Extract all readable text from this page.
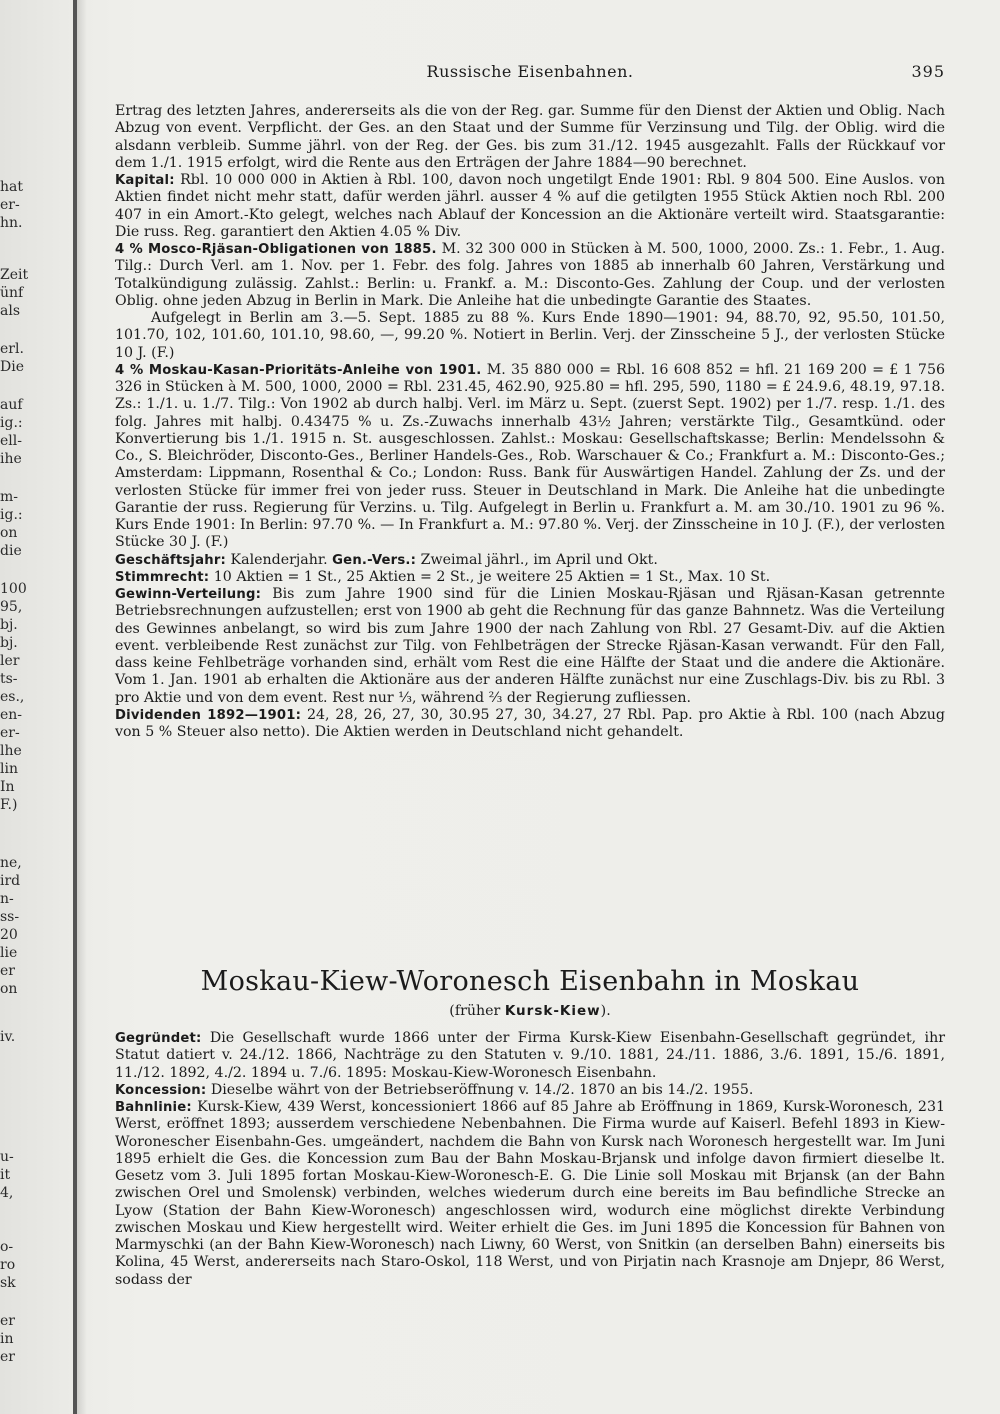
hat
er-
hn.
Zeit
ünf
als
erl.
Die
auf
ig.:
ell-
ihe
m-
ig.:
on
die
100
95,
bj.
bj.
ler
ts-
es.,
en-
er-
lhe
lin
In
F.)
ne,
ird
n-
ss-
20
lie
er
on
iv.
u-
it
4,
o-
ro
sk
er
in
er
Russische Eisenbahnen.	395

Ertrag des letzten Jahres, andererseits als die von der Reg. gar. Summe für den Dienst der Aktien und Oblig. Nach Abzug von event. Verpflicht. der Ges. an den Staat und der Summe für Verzinsung und Tilg. der Oblig. wird die alsdann verbleib. Summe jährl. von der Reg. der Ges. bis zum 31./12. 1945 ausgezahlt. Falls der Rückkauf vor dem 1./1. 1915 erfolgt, wird die Rente aus den Erträgen der Jahre 1884—90 berechnet.

Kapital: Rbl. 10 000 000 in Aktien à Rbl. 100, davon noch ungetilgt Ende 1901: Rbl. 9 804 500. Eine Auslos. von Aktien findet nicht mehr statt, dafür werden jährl. ausser 4 % auf die getilgten 1955 Stück Aktien noch Rbl. 200 407 in ein Amort.-Kto gelegt, welches nach Ablauf der Koncession an die Aktionäre verteilt wird. Staatsgarantie: Die russ. Reg. garantiert den Aktien 4.05 % Div.

4 % Mosco-Rjäsan-Obligationen von 1885. M. 32 300 000 in Stücken à M. 500, 1000, 2000. Zs.: 1. Febr., 1. Aug. Tilg.: Durch Verl. am 1. Nov. per 1. Febr. des folg. Jahres von 1885 ab innerhalb 60 Jahren, Verstärkung und Totalkündigung zulässig. Zahlst.: Berlin: u. Frankf. a. M.: Disconto-Ges. Zahlung der Coup. und der verlosten Oblig. ohne jeden Abzug in Berlin in Mark. Die Anleihe hat die unbedingte Garantie des Staates.

Aufgelegt in Berlin am 3.—5. Sept. 1885 zu 88 %. Kurs Ende 1890—1901: 94, 88.70, 92, 95.50, 101.50, 101.70, 102, 101.60, 101.10, 98.60, —, 99.20 %. Notiert in Berlin. Verj. der Zinsscheine 5 J., der verlosten Stücke 10 J. (F.)

4 % Moskau-Kasan-Prioritäts-Anleihe von 1901. M. 35 880 000 = Rbl. 16 608 852 = hfl. 21 169 200 = £ 1 756 326 in Stücken à M. 500, 1000, 2000 = Rbl. 231.45, 462.90, 925.80 = hfl. 295, 590, 1180 = £ 24.9.6, 48.19, 97.18. Zs.: 1./1. u. 1./7. Tilg.: Von 1902 ab durch halbj. Verl. im März u. Sept. (zuerst Sept. 1902) per 1./7. resp. 1./1. des folg. Jahres mit halbj. 0.43475 % u. Zs.-Zuwachs innerhalb 43½ Jahren; verstärkte Tilg., Gesamtkünd. oder Konvertierung bis 1./1. 1915 n. St. ausgeschlossen. Zahlst.: Moskau: Gesellschaftskasse; Berlin: Mendelssohn & Co., S. Bleichröder, Disconto-Ges., Berliner Handels-Ges., Rob. Warschauer & Co.; Frankfurt a. M.: Disconto-Ges.; Amsterdam: Lippmann, Rosenthal & Co.; London: Russ. Bank für Auswärtigen Handel. Zahlung der Zs. und der verlosten Stücke für immer frei von jeder russ. Steuer in Deutschland in Mark. Die Anleihe hat die unbedingte Garantie der russ. Regierung für Verzins. u. Tilg. Aufgelegt in Berlin u. Frankfurt a. M. am 30./10. 1901 zu 96 %. Kurs Ende 1901: In Berlin: 97.70 %. — In Frankfurt a. M.: 97.80 %. Verj. der Zinsscheine in 10 J. (F.), der verlosten Stücke 30 J. (F.)

Geschäftsjahr: Kalenderjahr. Gen.-Vers.: Zweimal jährl., im April und Okt.

Stimmrecht: 10 Aktien = 1 St., 25 Aktien = 2 St., je weitere 25 Aktien = 1 St., Max. 10 St.

Gewinn-Verteilung: Bis zum Jahre 1900 sind für die Linien Moskau-Rjäsan und Rjäsan-Kasan getrennte Betriebsrechnungen aufzustellen; erst von 1900 ab geht die Rechnung für das ganze Bahnnetz. Was die Verteilung des Gewinnes anbelangt, so wird bis zum Jahre 1900 der nach Zahlung von Rbl. 27 Gesamt-Div. auf die Aktien event. verbleibende Rest zunächst zur Tilg. von Fehlbeträgen der Strecke Rjäsan-Kasan verwandt. Für den Fall, dass keine Fehlbeträge vorhanden sind, erhält vom Rest die eine Hälfte der Staat und die andere die Aktionäre. Vom 1. Jan. 1901 ab erhalten die Aktionäre aus der anderen Hälfte zunächst nur eine Zuschlags-Div. bis zu Rbl. 3 pro Aktie und von dem event. Rest nur ⅓, während ⅔ der Regierung zufliessen.

Dividenden 1892—1901: 24, 28, 26, 27, 30, 30.95 27, 30, 34.27, 27 Rbl. Pap. pro Aktie à Rbl. 100 (nach Abzug von 5 % Steuer also netto). Die Aktien werden in Deutschland nicht gehandelt.

Moskau-Kiew-Woronesch Eisenbahn in Moskau
(früher Kursk-Kiew).

Gegründet: Die Gesellschaft wurde 1866 unter der Firma Kursk-Kiew Eisenbahn-Gesellschaft gegründet, ihr Statut datiert v. 24./12. 1866, Nachträge zu den Statuten v. 9./10. 1881, 24./11. 1886, 3./6. 1891, 15./6. 1891, 11./12. 1892, 4./2. 1894 u. 7./6. 1895: Moskau-Kiew-Woronesch Eisenbahn.

Koncession: Dieselbe währt von der Betriebseröffnung v. 14./2. 1870 an bis 14./2. 1955.

Bahnlinie: Kursk-Kiew, 439 Werst, koncessioniert 1866 auf 85 Jahre ab Eröffnung in 1869, Kursk-Woronesch, 231 Werst, eröffnet 1893; ausserdem verschiedene Nebenbahnen. Die Firma wurde auf Kaiserl. Befehl 1893 in Kiew-Woronescher Eisenbahn-Ges. umgeändert, nachdem die Bahn von Kursk nach Woronesch hergestellt war. Im Juni 1895 erhielt die Ges. die Koncession zum Bau der Bahn Moskau-Brjansk und infolge davon firmiert dieselbe lt. Gesetz vom 3. Juli 1895 fortan Moskau-Kiew-Woronesch-E. G. Die Linie soll Moskau mit Brjansk (an der Bahn zwischen Orel und Smolensk) verbinden, welches wiederum durch eine bereits im Bau befindliche Strecke an Lyow (Station der Bahn Kiew-Woronesch) angeschlossen wird, wodurch eine möglichst direkte Verbindung zwischen Moskau und Kiew hergestellt wird. Weiter erhielt die Ges. im Juni 1895 die Koncession für Bahnen von Marmyschki (an der Bahn Kiew-Woronesch) nach Liwny, 60 Werst, von Snitkin (an derselben Bahn) einerseits bis Kolina, 45 Werst, andererseits nach Staro-Oskol, 118 Werst, und von Pirjatin nach Krasnoje am Dnjepr, 86 Werst, sodass der
